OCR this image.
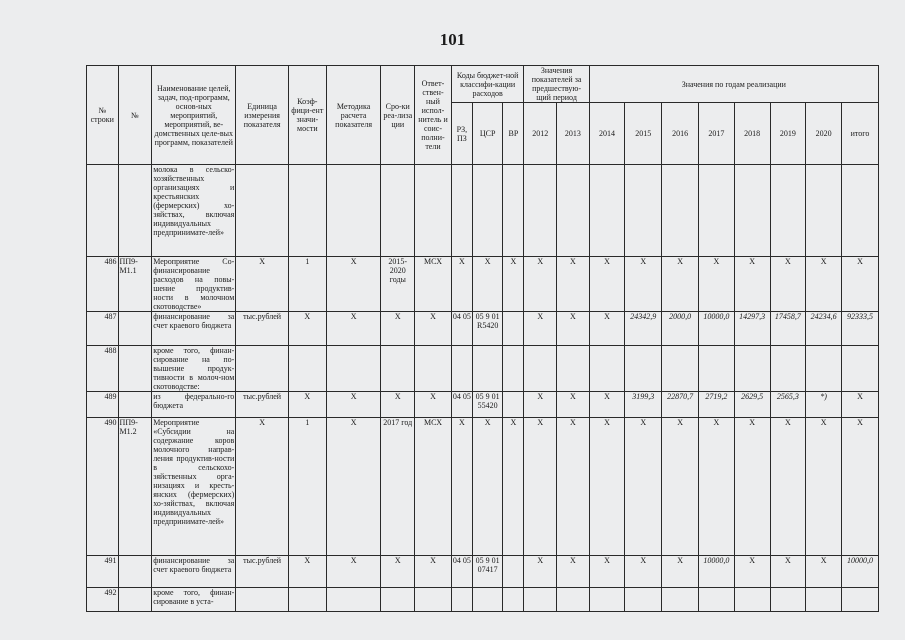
101
№ строки	№	Наименование целей, задач, под-программ, основ-ных мероприятий, мероприятий, ве-домственных целе-вых программ, показателей	Единица измерения показателя	Коэф-фици-ент значи-мости	Методика расчета показателя	Сро-ки реа-лиза ции	Ответ-ствен-ный испол-нитель и соис-полни-тели	Коды бюджет-ной классифи-кации расходов			Значения показателей за предшествую-щий период		Значения по годам реализации							
								РЗ, ПЗ	ЦСР	ВР	2012	2013	2014	2015	2016	2017	2018	2019	2020	итого
		молока в сельско-хозяйственных организациях и крестьянских (фермерских) хо-зяйствах, включая индивидуальных предпринимате-лей»																		
486	ПП9-М1.1	Мероприятие Со-финансирование расходов на повы-шение продуктив-ности в молочном скотоводстве»	X	1	X	2015-2020 годы	МСХ	X	X	X	X	X	X	X	X	X	X	X	X	X
487		финансирование за счет краевого бюджета	тыс.рублей	X	X	X	X	04 05	05 9 01 R5420		X	X	X	24342,9	2000,0	10000,0	14297,3	17458,7	24234,6	92333,5
488		кроме того, финан-сирование на по-вышение продук-тивности в молоч-ном скотоводстве:																		
489		из федерально-го бюджета	тыс.рублей	X	X	X	X	04 05	05 9 01 55420		X	X	X	3199,3	22870,7	2719,2	2629,5	2565,3	*)	X
490	ПП9-М1.2	Мероприятие «Субсидии на содержание коров молочного направ-ления продуктив-ности в сельскохо-зяйственных орга-низациях и кресть-янских (фермерских) хо-зяйствах, включая индивидуальных предпринимате-лей»	X	1	X	2017 год	МСХ	X	X	X	X	X	X	X	X	X	X	X	X	X
491		финансирование за счет краевого бюджета	тыс.рублей	X	X	X	X	04 05	05 9 01 07417		X	X	X	X	X	10000,0	X	X	X	10000,0
492		кроме того, финан-сирование в уста-																		
